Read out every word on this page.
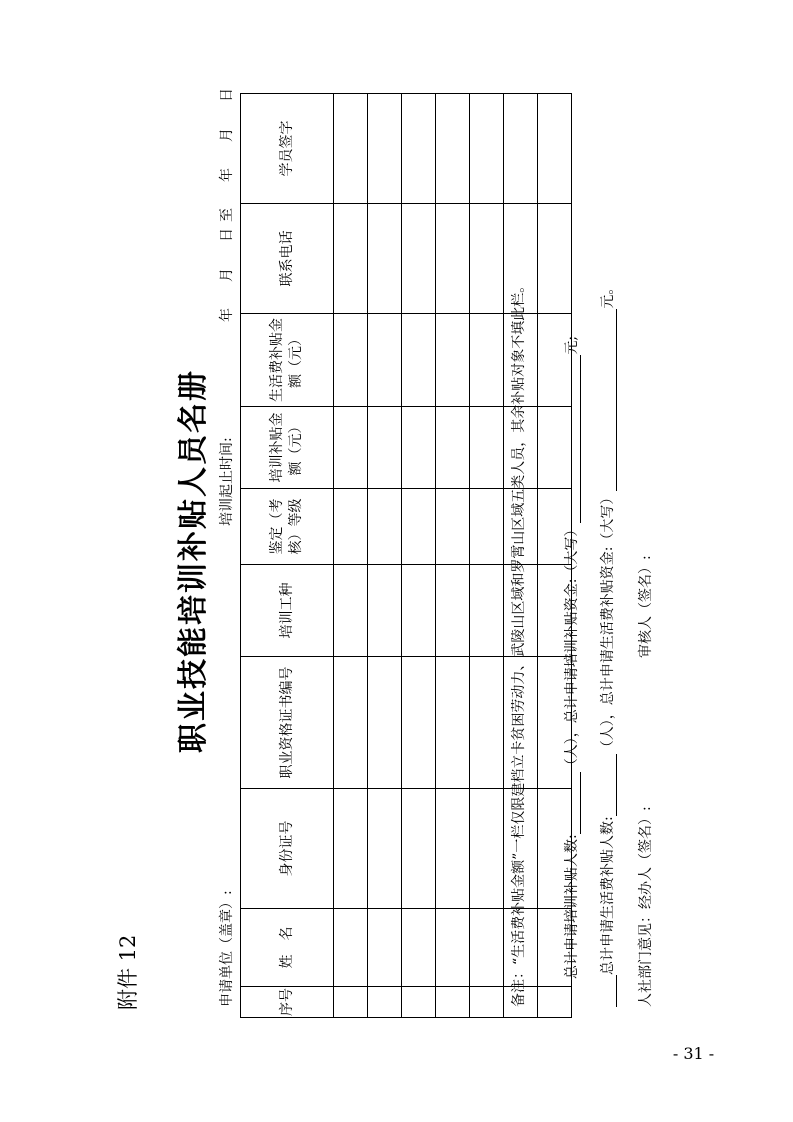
附件 12
职业技能培训补贴人员名册
申请单位（盖章）:
培训起止时间:
年　月　日至　年　月　日
序号	姓　名	身份证号	职业资格证书编号	培训工种	鉴定（考核）等级	培训补贴金额（元）	生活费补贴金额（元）	联系电话	学员签字

备注：“生活费补贴金额”一栏仅限建档立卡贫困劳动力、武陵山区域和罗霄山区域五类人员，其余补贴对象不填此栏。	总计申请培训补贴人数:（人），总计申请培训补贴资金:（大写）元;
总计申请生活费补贴人数:（人），总计申请生活费补贴资金:（大写）元。
人社部门意见：经办人（签名）:
审核人（签名）:
- 31 -
